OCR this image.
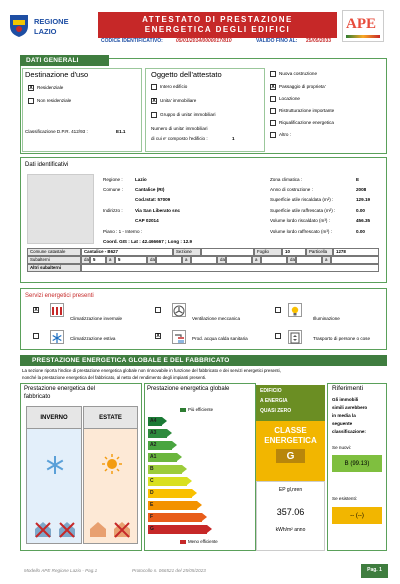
REGIONE
LAZIO
ATTESTATO DI PRESTAZIONE
ENERGETICA DEGLI EDIFICI
CODICE IDENTIFICATIVO:	05/01/2014/0000017/810	VALIDO FINO AL: 25/05/2033
APE
DATI GENERALI
Destinazione d'uso
X Residenziale
Non residenziale
Classificazione D.P.R. 412/93 :	E1.1
Oggetto dell'attestato
Intero edificio
X Unita' immobiliare
Gruppo di unita' immobiliari
Numero di unita' immobiliari
di cui e' composto l'edificio :	1
Nuova costruzione
X Passaggio di proprieta'
Locazione
Ristrutturazione importante
Riqualificazione energetica
Altro :
Dati identificativi
Regione :	Lazio
Comune :	Cantalice (RI)
Cod.Istat: 57009
Indirizzo :	Via San Liberato snc
CAP 02014
Piano : 1 - Interno :
Coord. GIS : Lat : 42.466667 ; Long : 12.9
Zona climatica :	E
Anno di costruzione :	2008
Superficie utile riscaldata (m²) :	129.19
Superficie utile raffrescata (m²) :	0.00
Volume lordo riscaldato (m³) :	456.35
Volume lordo raffrescato (m³) :	0.00
Comune catastale	Cantalice - B627	Sezione	Foglio	10	Particella	1278
Subalterni	da 5	a	5	da	a	da	a	da	a
Altri subalterni
Servizi energetici presenti
X
Climatizzazione invernale	Ventilazione meccanica	Illuminazione
Climatizzazione estiva	X	Prod. acqua calda sanitaria	Trasporto di persone o cose
PRESTAZIONE ENERGETICA GLOBALE E DEL FABBRICATO
La sezione riporta l'indice di prestazione energetica globale non rinnovabile in funzione del fabbricato e dei servizi energetici presenti,
nonché la prestazione energetica del fabbricato, al netto del rendimento degli impianti presenti.
Prestazione energetica del
fabbricato
INVERNO	ESTATE
Prestazione energetica globale
Più efficiente
A4
A3
A2
A1
B
C
D
E
F
G
Meno efficiente
EDIFICIO
A ENERGIA
QUASI ZERO
CLASSE
ENERGETICA
G
EP gl,nren
357.06
kWh/m² anno
Riferimenti
Gli immobili
simili avrebbero
in media la
seguente
classificazione:
Se nuovi:
B (99.13)
Se esistenti:
-- (--)
Modello APE Regione Lazio - Pag.1	Protocollo n. 066521 del 25/05/2023	Pag. 1
